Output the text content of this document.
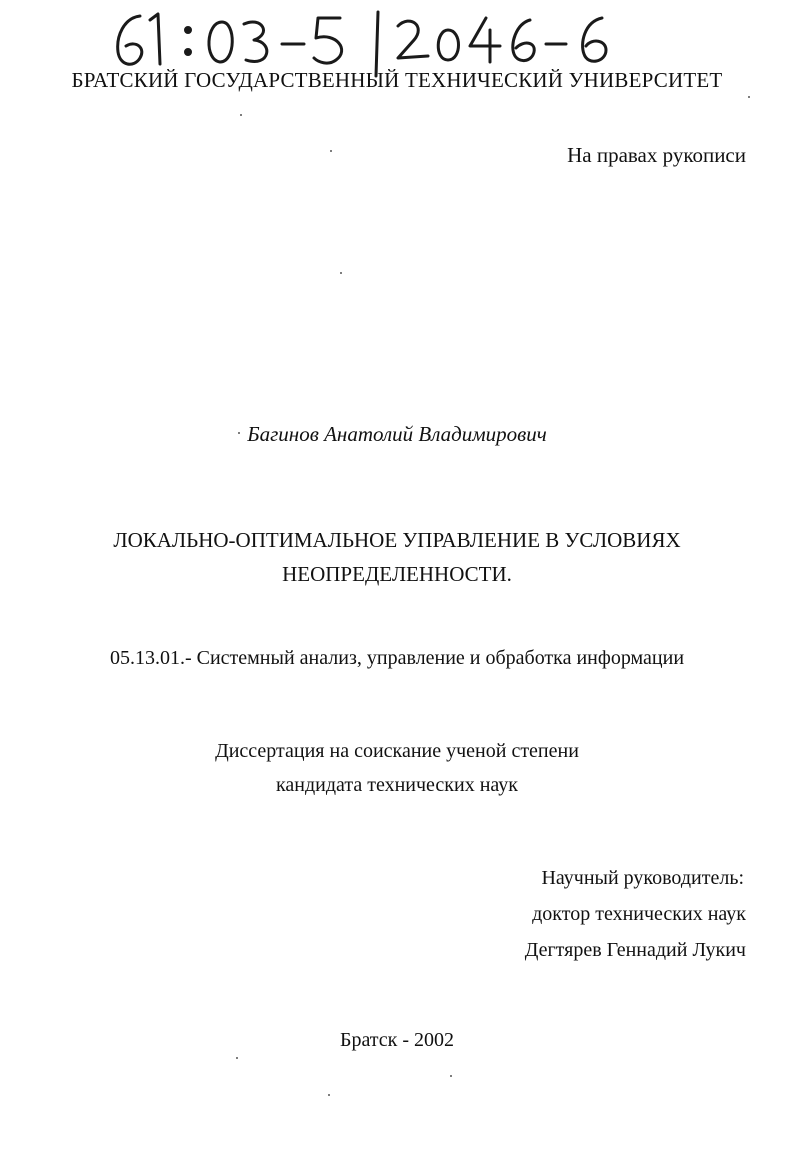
БРАТСКИЙ ГОСУДАРСТВЕННЫЙ ТЕХНИЧЕСКИЙ УНИВЕРСИТЕТ
На правах рукописи
Багинов Анатолий Владимирович
ЛОКАЛЬНО-ОПТИМАЛЬНОЕ УПРАВЛЕНИЕ В УСЛОВИЯХ
НЕОПРЕДЕЛЕННОСТИ.
05.13.01.- Системный анализ, управление и обработка информации
Диссертация на соискание ученой степени
кандидата технических наук
Научный руководитель:
доктор технических наук
Дегтярев Геннадий Лукич
Братск - 2002
